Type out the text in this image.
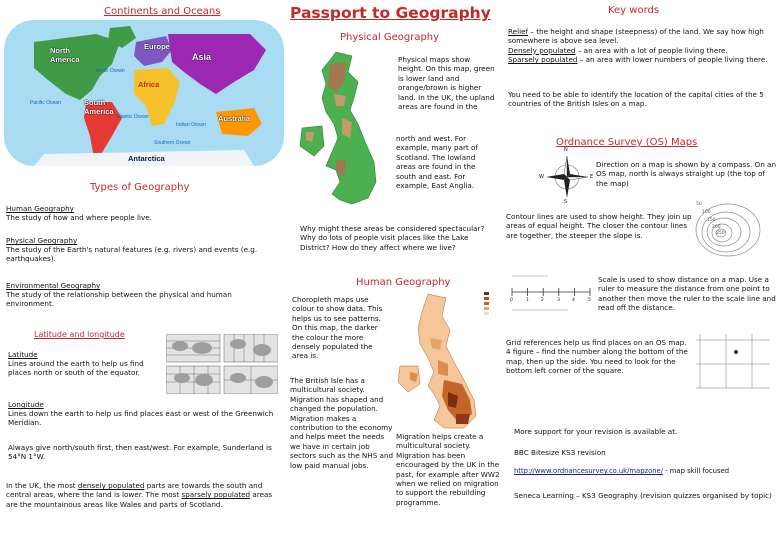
Continents and Oceans
North America
Europe
Asia
Africa
South America
Australia
Antarctica
Arctic Ocean
Pacific Ocean
Atlantic Ocean
Indian Ocean
Southern Ocean
Types of Geography
Human Geography
The study of how and where people live.
Physical Geography
The study of the Earth's natural features (e.g. rivers) and events (e.g. earthquakes).
Environmental Geography
The study of the relationship between the physical and human environment.
Latitude and longitude
Latitude
Lines around the earth to help us find places north or south of the equator.
Longitude
Lines down the earth to help us find places east or west of the Greenwich Meridian.
Always give north/south first, then east/west. For example, Sunderland is 54°N 1°W.
In the UK, the most densely populated parts are towards the south and central areas, where the land is lower. The most sparsely populated areas are the mountainous areas like Wales and parts of Scotland.
Passport to Geography
Physical Geography
Physical maps show height. On this map, green is lower land and orange/brown is higher land. In the UK, the upland areas are found in the
north and west. For example, many part of Scotland. The lowland areas are found in the south and east. For example, East Anglia.
Why might these areas be considered spectacular? Why do lots of people visit places like the Lake District? How do they affect where we live?
Human Geography
Choropleth maps use colour to show data. This helps us to see patterns. On this map, the darker the colour the more densely populated the area is.
The British Isle has a multicultural society. Migration has shaped and changed the population. Migration makes a contribution to the economy and helps meet the needs we have in certain job sectors such as the NHS and low paid manual jobs.
Migration helps create a multicultural society. Migration has been encouraged by the UK in the past, for example after WW2 when we relied on migration to support the rebuilding programme.
Key words
Relief – the height and shape (steepness) of the land. We say how high somewhere is above sea level.
Densely populated – an area with a lot of people living there.
Sparsely populated – an area with lower numbers of people living there.
You need to be able to identify the location of the capital cities of the 5 countries of the British Isles on a map.
Ordnance Survey (OS) Maps
N
S
W	E
Direction on a map is shown by a compass. On an OS map, north is always straight up (the top of the map)
Contour lines are used to show height. They join up areas of equal height. The closer the contour lines are together, the steeper the slope is.
50
100
150
200
250
0	1	2	3	4	5
Scale is used to show distance on a map. Use a ruler to measure the distance from one point to another then move the ruler to the scale line and read off the distance.
Grid references help us find places on an OS map. 4 figure – find the number along the bottom of the map, then up the side. You need to look for the bottom left corner of the square.
More support for your revision is available at.
BBC Bitesize KS3 revision
http://www.ordnancesurvey.co.uk/mapzone/ - map skill focused
Seneca Learning – KS3 Geography (revision quizzes organised by topic)
